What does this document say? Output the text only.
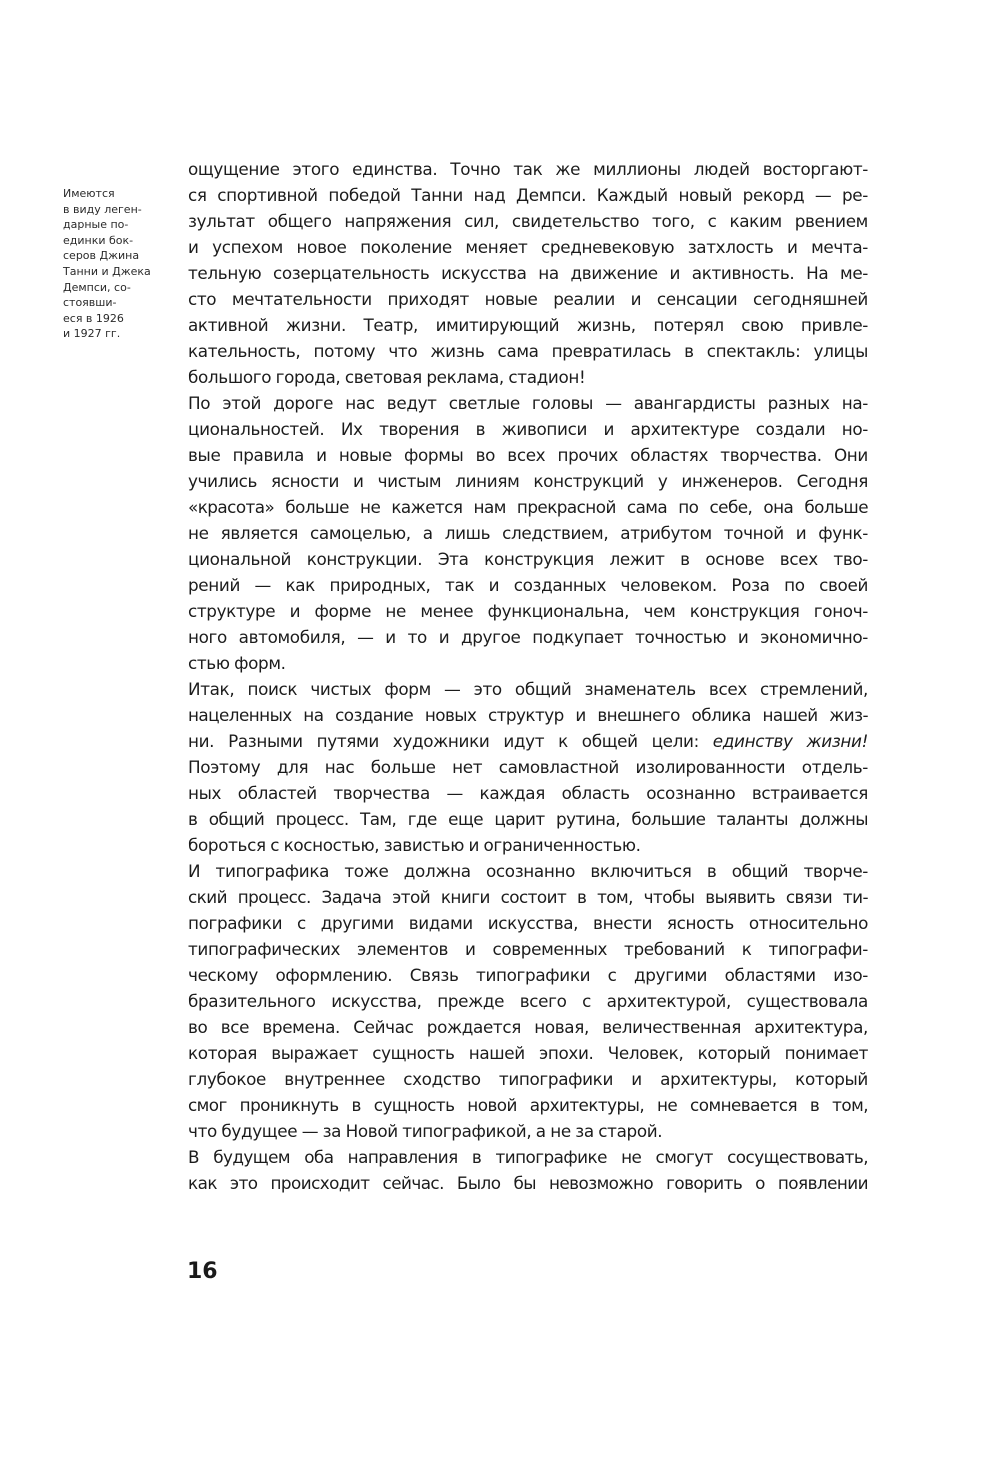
Имеются
в виду леген-
дарные по-
единки бок-
серов Джина
Танни и Джека
Демпси, со-
стоявши-
еся в 1926
и 1927 гг.
ощущение этого единства. Точно так же миллионы людей восторгают-
ся спортивной победой Танни над Демпси. Каждый новый рекорд — ре-
зультат общего напряжения сил, свидетельство того, с каким рвением
и успехом новое поколение меняет средневековую затхлость и мечта-
тельную созерцательность искусства на движение и активность. На ме-
сто мечтательности приходят новые реалии и сенсации сегодняшней
активной жизни. Театр, имитирующий жизнь, потерял свою привле-
кательность, потому что жизнь сама превратилась в спектакль: улицы
большого города, световая реклама, стадион!
По этой дороге нас ведут светлые головы — авангардисты разных на-
циональностей. Их творения в живописи и архитектуре создали но-
вые правила и новые формы во всех прочих областях творчества. Они
учились ясности и чистым линиям конструкций у инженеров. Сегодня
«красота» больше не кажется нам прекрасной сама по себе, она больше
не является самоцелью, а лишь следствием, атрибутом точной и функ-
циональной конструкции. Эта конструкция лежит в основе всех тво-
рений — как природных, так и созданных человеком. Роза по своей
структуре и форме не менее функциональна, чем конструкция гоноч-
ного автомобиля, — и то и другое подкупает точностью и экономично-
стью форм.
Итак, поиск чистых форм — это общий знаменатель всех стремлений,
нацеленных на создание новых структур и внешнего облика нашей жиз-
ни. Разными путями художники идут к общей цели: единству жизни!
Поэтому для нас больше нет самовластной изолированности отдель-
ных областей творчества — каждая область осознанно встраивается
в общий процесс. Там, где еще царит рутина, большие таланты должны
бороться с косностью, завистью и ограниченностью.
И типографика тоже должна осознанно включиться в общий творче-
ский процесс. Задача этой книги состоит в том, чтобы выявить связи ти-
пографики с другими видами искусства, внести ясность относительно
типографических элементов и современных требований к типографи-
ческому оформлению. Связь типографики с другими областями изо-
бразительного искусства, прежде всего с архитектурой, существовала
во все времена. Сейчас рождается новая, величественная архитектура,
которая выражает сущность нашей эпохи. Человек, который понимает
глубокое внутреннее сходство типографики и архитектуры, который
смог проникнуть в сущность новой архитектуры, не сомневается в том,
что будущее — за Новой типографикой, а не за старой.
В будущем оба направления в типографике не смогут сосуществовать,
как это происходит сейчас. Было бы невозможно говорить о появлении
16
